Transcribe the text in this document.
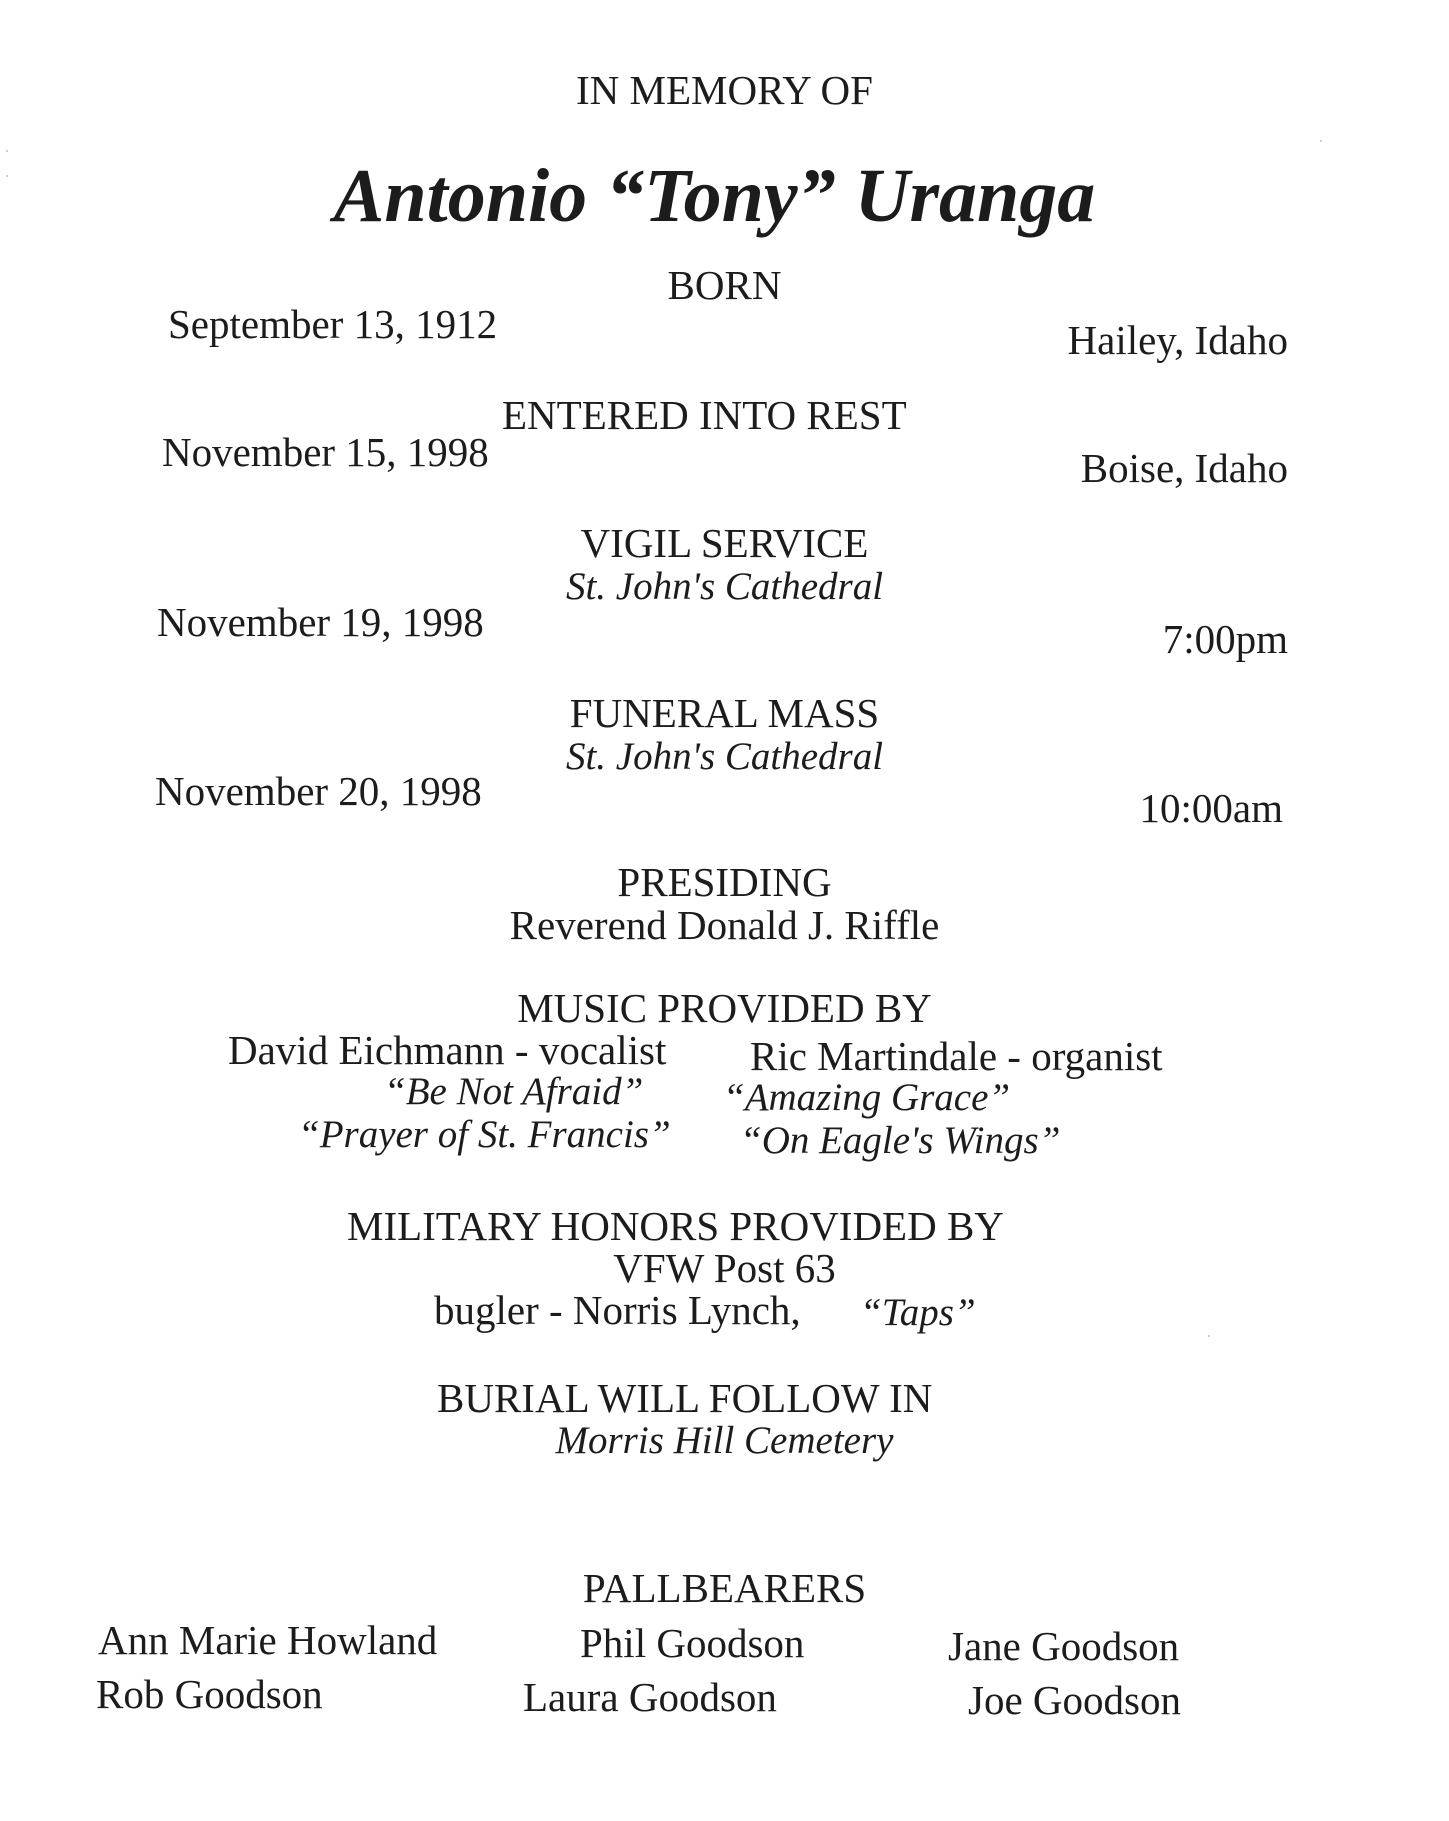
IN MEMORY OF
Antonio “Tony” Uranga
BORN
September 13, 1912	Hailey, Idaho
ENTERED INTO REST
November 15, 1998	Boise, Idaho
VIGIL SERVICE
St. John's Cathedral
November 19, 1998	7:00pm
FUNERAL MASS
St. John's Cathedral
November 20, 1998	10:00am
PRESIDING
Reverend Donald J. Riffle
MUSIC PROVIDED BY
David Eichmann - vocalist Ric Martindale - organist
“Be Not Afraid” “Amazing Grace”
“Prayer of St. Francis” “On Eagle's Wings”
MILITARY HONORS PROVIDED BY
VFW Post 63
bugler - Norris Lynch, “Taps”
BURIAL WILL FOLLOW IN
Morris Hill Cemetery
PALLBEARERS
Ann Marie Howland	Phil Goodson	Jane Goodson
Rob Goodson	Laura Goodson	Joe Goodson
